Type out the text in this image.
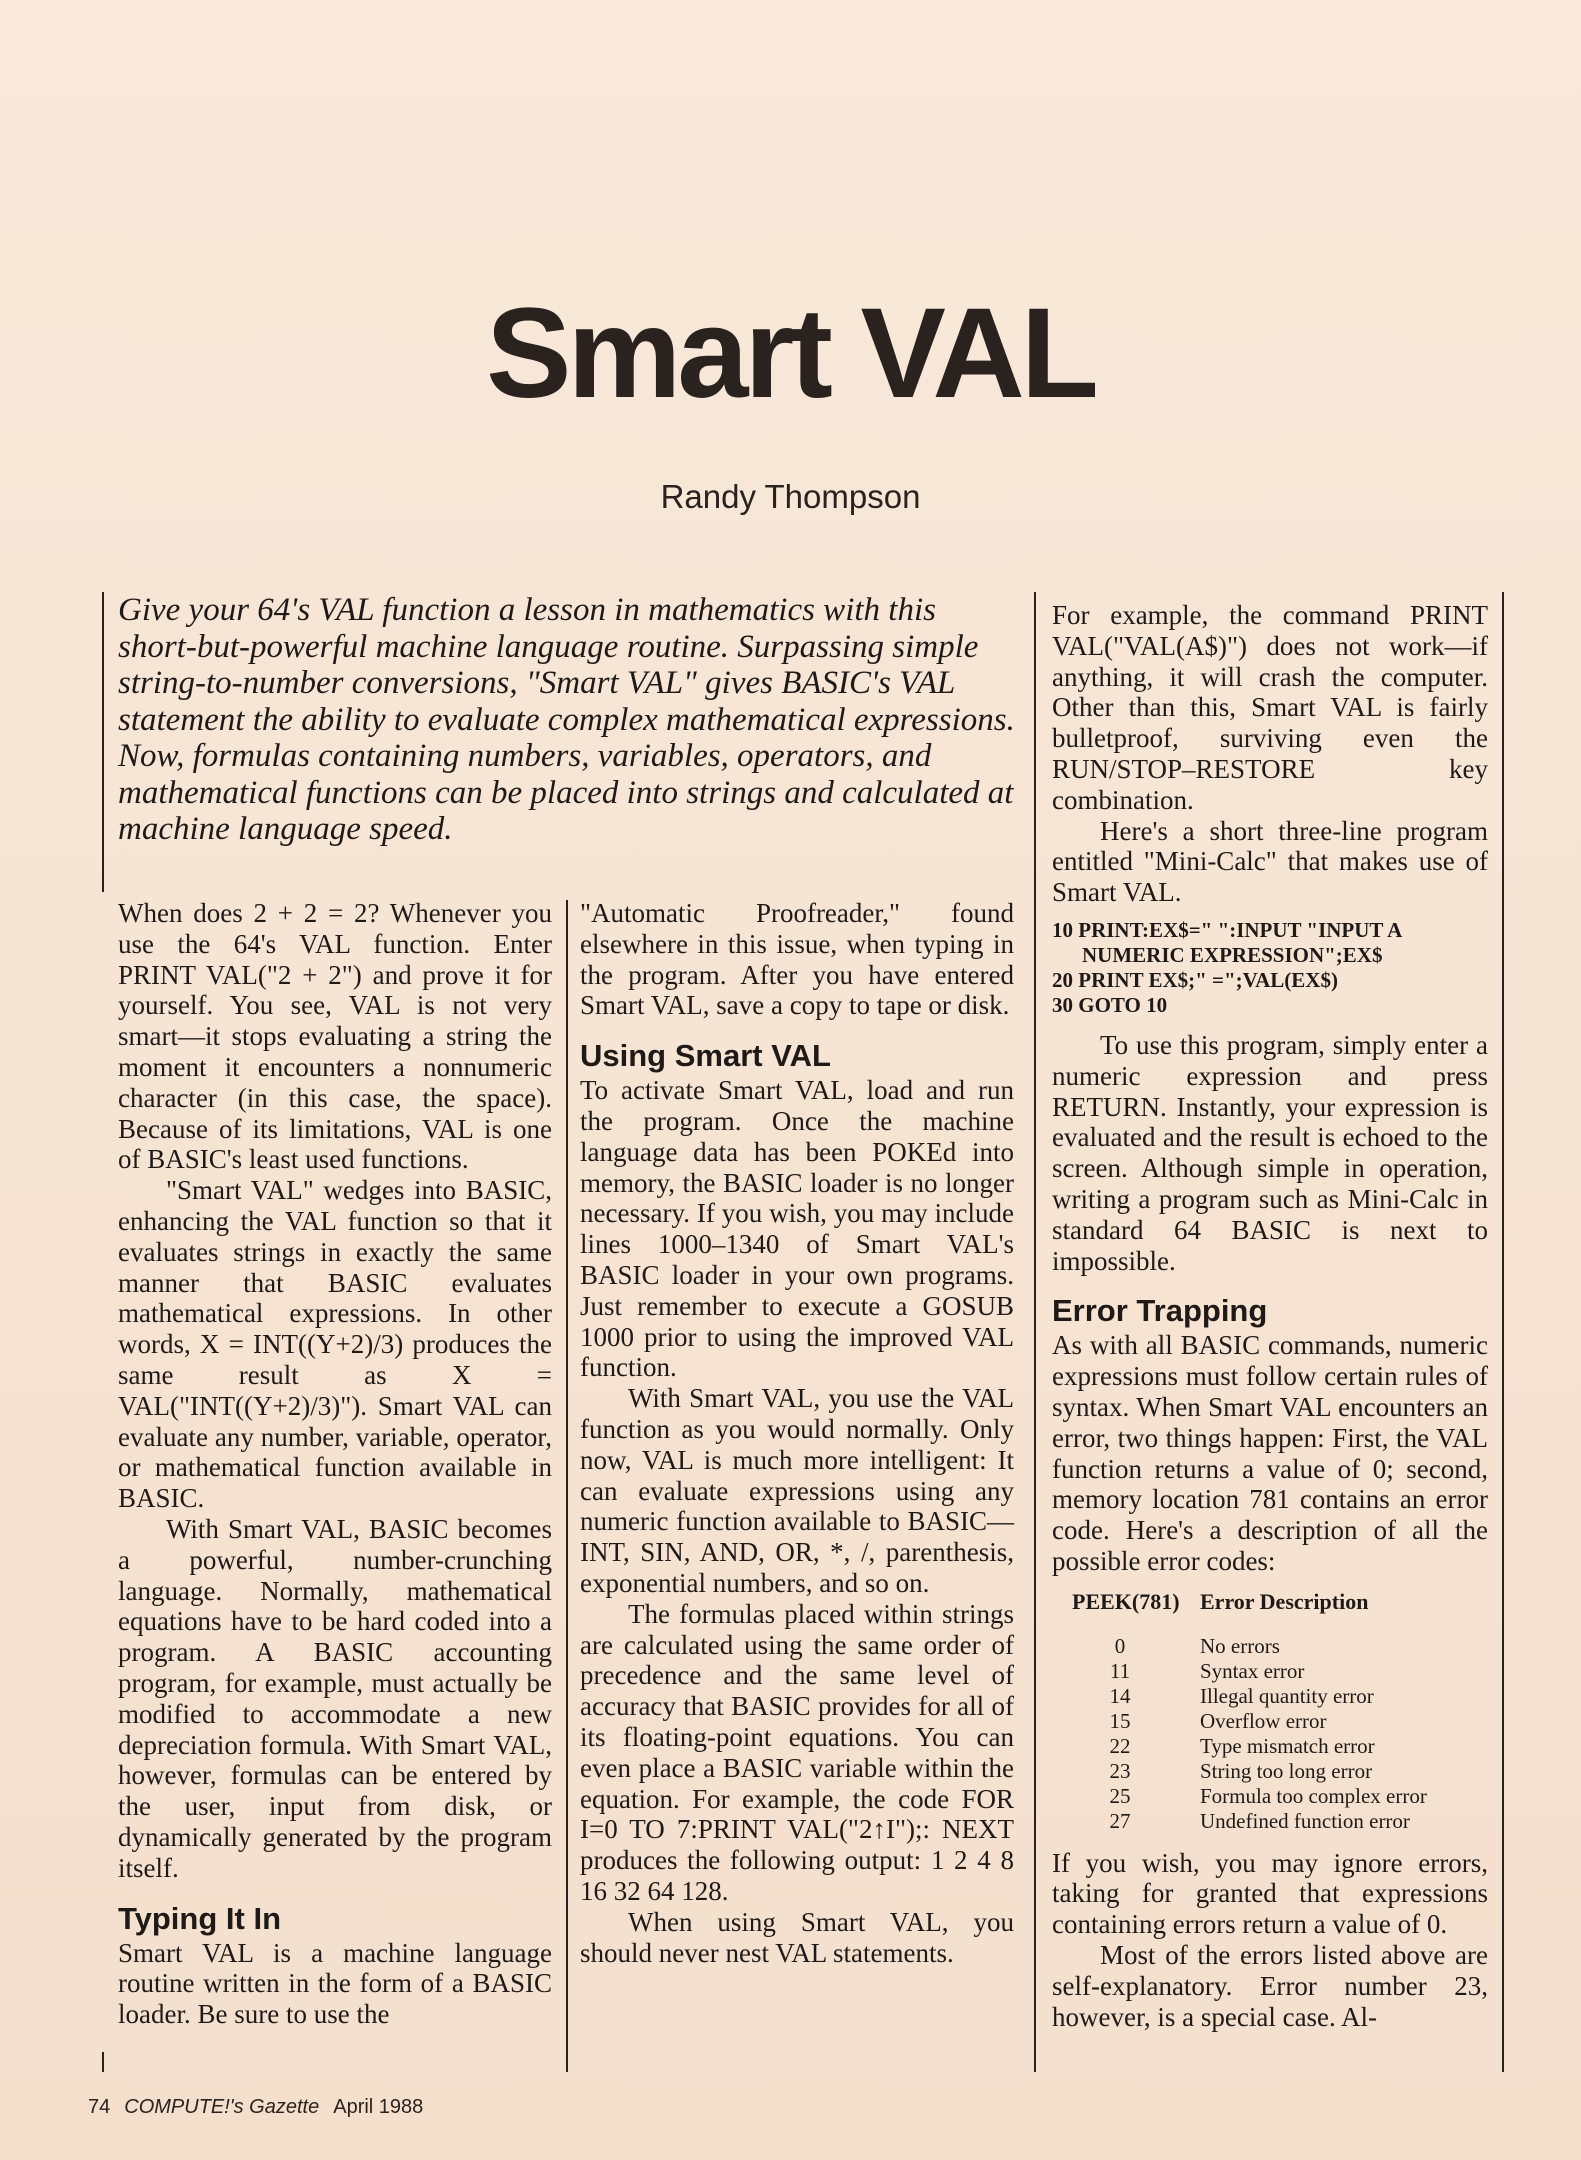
Smart VAL
Randy Thompson

Give your 64's VAL function a lesson in mathematics with this short-but-powerful machine language routine. Surpassing simple string-to-number conversions, "Smart VAL" gives BASIC's VAL statement the ability to evaluate complex mathematical expressions. Now, formulas containing numbers, variables, operators, and mathematical functions can be placed into strings and calculated at machine language speed.

When does 2 + 2 = 2? Whenever you use the 64's VAL function. Enter PRINT VAL("2 + 2") and prove it for yourself. You see, VAL is not very smart—it stops evaluating a string the moment it encounters a nonnumeric character (in this case, the space). Because of its limitations, VAL is one of BASIC's least used functions.

"Smart VAL" wedges into BASIC, enhancing the VAL function so that it evaluates strings in exactly the same manner that BASIC evaluates mathematical expressions. In other words, X = INT((Y+2)/3) produces the same result as X = VAL("INT((Y+2)/3)"). Smart VAL can evaluate any number, variable, operator, or mathematical function available in BASIC.

With Smart VAL, BASIC becomes a powerful, number-crunching language. Normally, mathematical equations have to be hard coded into a program. A BASIC accounting program, for example, must actually be modified to accommodate a new depreciation formula. With Smart VAL, however, formulas can be entered by the user, input from disk, or dynamically generated by the program itself.

Typing It In

Smart VAL is a machine language routine written in the form of a BASIC loader. Be sure to use the

"Automatic Proofreader," found elsewhere in this issue, when typing in the program. After you have entered Smart VAL, save a copy to tape or disk.

Using Smart VAL

To activate Smart VAL, load and run the program. Once the machine language data has been POKEd into memory, the BASIC loader is no longer necessary. If you wish, you may include lines 1000–1340 of Smart VAL's BASIC loader in your own programs. Just remember to execute a GOSUB 1000 prior to using the improved VAL function.

With Smart VAL, you use the VAL function as you would normally. Only now, VAL is much more intelligent: It can evaluate expressions using any numeric function available to BASIC—INT, SIN, AND, OR, *, /, parenthesis, exponential numbers, and so on.

The formulas placed within strings are calculated using the same order of precedence and the same level of accuracy that BASIC provides for all of its floating-point equations. You can even place a BASIC variable within the equation. For example, the code FOR I=0 TO 7:PRINT VAL("2↑I");: NEXT produces the following output: 1 2 4 8 16 32 64 128.

When using Smart VAL, you should never nest VAL statements.

For example, the command PRINT VAL("VAL(A$)") does not work—if anything, it will crash the computer. Other than this, Smart VAL is fairly bulletproof, surviving even the RUN/STOP–RESTORE key combination.

Here's a short three-line program entitled "Mini-Calc" that makes use of Smart VAL.

10 PRINT:EX$=" ":INPUT "INPUT A
NUMERIC EXPRESSION";EX$
20 PRINT EX$;" =";VAL(EX$)
30 GOTO 10

To use this program, simply enter a numeric expression and press RETURN. Instantly, your expression is evaluated and the result is echoed to the screen. Although simple in operation, writing a program such as Mini-Calc in standard 64 BASIC is next to impossible.

Error Trapping

As with all BASIC commands, numeric expressions must follow certain rules of syntax. When Smart VAL encounters an error, two things happen: First, the VAL function returns a value of 0; second, memory location 781 contains an error code. Here's a description of all the possible error codes:

PEEK(781)	Error Description
0	No errors
11	Syntax error
14	Illegal quantity error
15	Overflow error
22	Type mismatch error
23	String too long error
25	Formula too complex error
27	Undefined function error

If you wish, you may ignore errors, taking for granted that expressions containing errors return a value of 0.

Most of the errors listed above are self-explanatory. Error number 23, however, is a special case. Al-

74 COMPUTE!'s Gazette April 1988
